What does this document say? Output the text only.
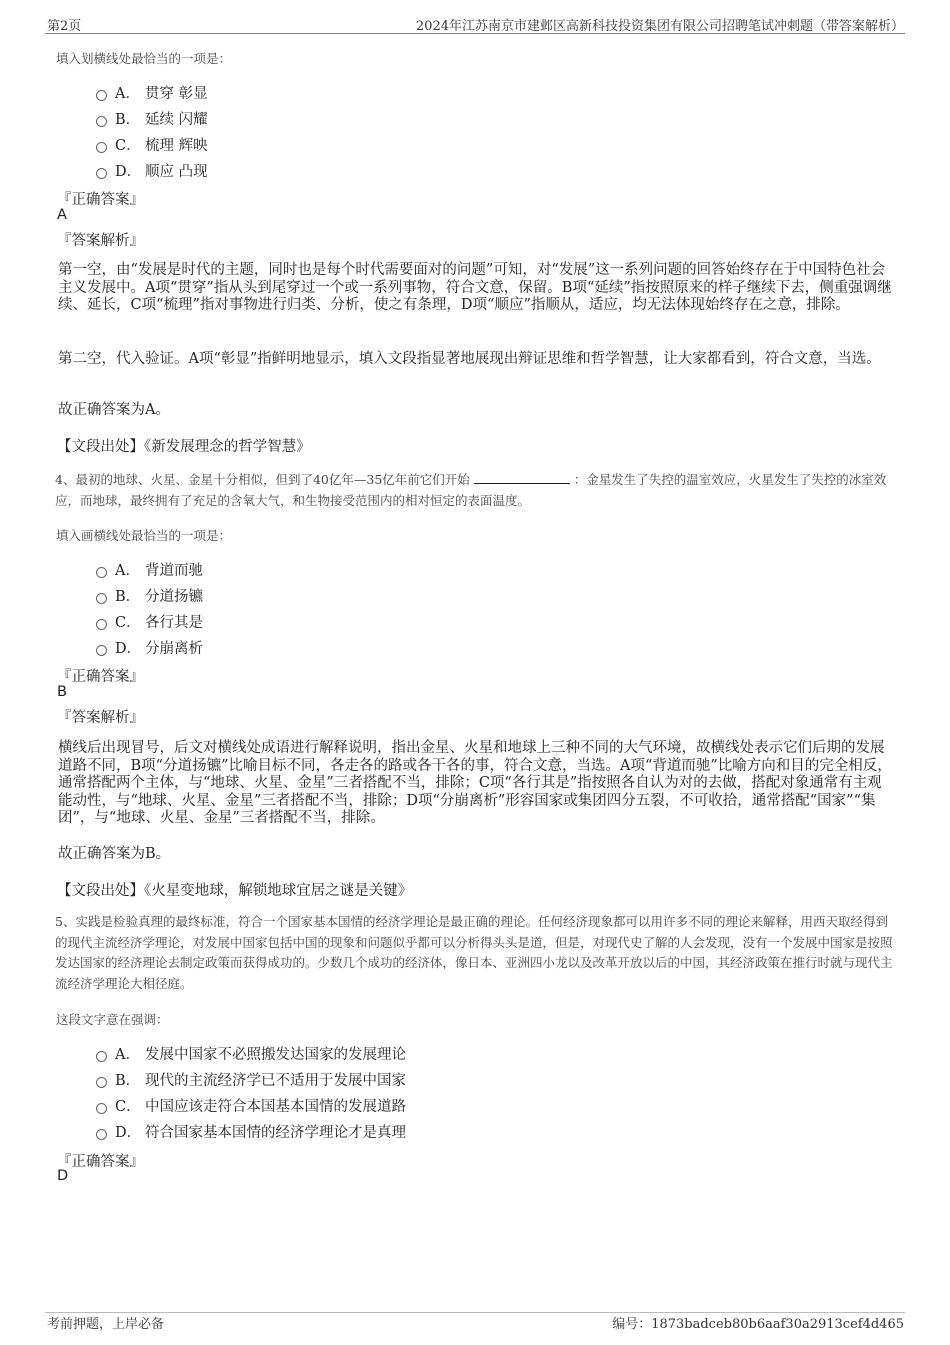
第2页	2024年江苏南京市建邺区高新科技投资集团有限公司招聘笔试冲刺题（带答案解析）
填入划横线处最恰当的一项是：
A． 贯穿 彰显
B． 延续 闪耀
C． 梳理 辉映
D． 顺应 凸现
『正确答案』
A
『答案解析』
第一空，由“发展是时代的主题，同时也是每个时代需要面对的问题”可知，对“发展”这一系列问题的回答始终存在于中国特色社会主义发展中。A项“贯穿”指从头到尾穿过一个或一系列事物，符合文意，保留。B项“延续”指按照原来的样子继续下去，侧重强调继续、延长，C项“梳理”指对事物进行归类、分析，使之有条理，D项“顺应”指顺从，适应，均无法体现始终存在之意，排除。
第二空，代入验证。A项“彰显”指鲜明地显示，填入文段指显著地展现出辩证思维和哲学智慧，让大家都看到，符合文意，当选。
故正确答案为A。
【文段出处】《新发展理念的哲学智慧》
4、最初的地球、火星、金星十分相似，但到了40亿年—35亿年前它们开始	：金星发生了失控的温室效应，火星发生了失控的冰室效应，而地球，最终拥有了充足的含氧大气，和生物接受范围内的相对恒定的表面温度。
填入画横线处最恰当的一项是：
A． 背道而驰
B． 分道扬镳
C． 各行其是
D． 分崩离析
『正确答案』
B
『答案解析』
横线后出现冒号，后文对横线处成语进行解释说明，指出金星、火星和地球上三种不同的大气环境，故横线处表示它们后期的发展道路不同，B项“分道扬镳”比喻目标不同，各走各的路或各干各的事，符合文意，当选。A项“背道而驰”比喻方向和目的完全相反，通常搭配两个主体，与“地球、火星、金星”三者搭配不当，排除；C项“各行其是”指按照各自认为对的去做，搭配对象通常有主观能动性，与“地球、火星、金星”三者搭配不当，排除；D项“分崩离析”形容国家或集团四分五裂，不可收拾，通常搭配“国家”“集团”，与“地球、火星、金星”三者搭配不当，排除。
故正确答案为B。
【文段出处】《火星变地球，解锁地球宜居之谜是关键》
5、实践是检验真理的最终标准，符合一个国家基本国情的经济学理论是最正确的理论。任何经济现象都可以用许多不同的理论来解释，用西天取经得到的现代主流经济学理论，对发展中国家包括中国的现象和问题似乎都可以分析得头头是道，但是，对现代史了解的人会发现，没有一个发展中国家是按照发达国家的经济理论去制定政策而获得成功的。少数几个成功的经济体，像日本、亚洲四小龙以及改革开放以后的中国，其经济政策在推行时就与现代主流经济学理论大相径庭。
这段文字意在强调：
A． 发展中国家不必照搬发达国家的发展理论
B． 现代的主流经济学已不适用于发展中国家
C． 中国应该走符合本国基本国情的发展道路
D． 符合国家基本国情的经济学理论才是真理
『正确答案』
D
考前押题，上岸必备	编号：1873badceb80b6aaf30a2913cef4d465
